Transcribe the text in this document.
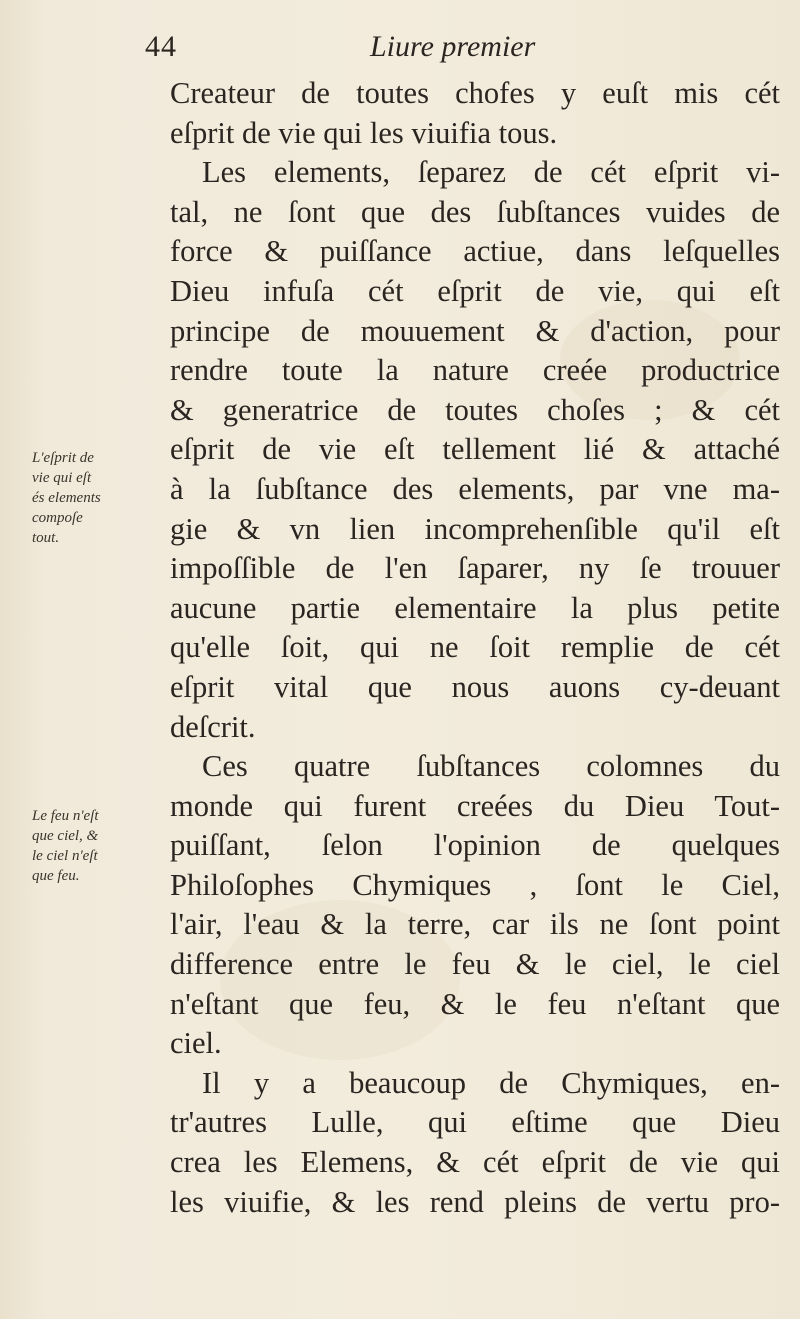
44	Liure premier
Createur de toutes chofes y euſt mis cét
eſprit de vie qui les viuifia tous.
Les elements, ſeparez de cét eſprit vi-
tal, ne ſont que des ſubſtances vuides de
force & puiſſance actiue, dans leſquelles
Dieu infuſa cét eſprit de vie, qui eſt
principe de mouuement & d'action, pour
rendre toute la nature creée productrice
& generatrice de toutes choſes ; & cét
eſprit de vie eſt tellement lié & attaché
à la ſubſtance des elements, par vne ma-
gie & vn lien incomprehenſible qu'il eſt
impoſſible de l'en ſaparer, ny ſe trouuer
aucune partie elementaire la plus petite
qu'elle ſoit, qui ne ſoit remplie de cét
eſprit vital que nous auons cy-deuant
deſcrit.
Ces quatre ſubſtances colomnes du
monde qui furent creées du Dieu Tout-
puiſſant, ſelon l'opinion de quelques
Philoſophes Chymiques , ſont le Ciel,
l'air, l'eau & la terre, car ils ne ſont point
difference entre le feu & le ciel, le ciel
n'eſtant que feu, & le feu n'eſtant que
ciel.
Il y a beaucoup de Chymiques, en-
tr'autres Lulle, qui eſtime que Dieu
crea les Elemens, & cét eſprit de vie qui
les viuifie, & les rend pleins de vertu pro-
L'eſprit de
vie qui eſt
és elements
compoſe
tout.
Le feu n'eſt
que ciel, &
le ciel n'eſt
que feu.
